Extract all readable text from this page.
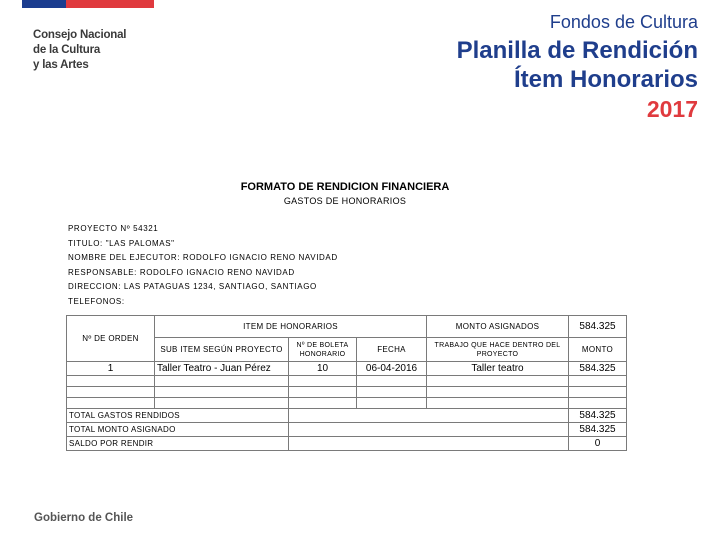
Consejo Nacional
de la Cultura
y las Artes
Fondos de Cultura
Planilla de Rendición
Ítem Honorarios
2017
FORMATO DE RENDICION FINANCIERA
GASTOS DE HONORARIOS
PROYECTO Nº 54321
TITULO: "LAS PALOMAS"
NOMBRE DEL EJECUTOR: RODOLFO IGNACIO RENO NAVIDAD
RESPONSABLE: RODOLFO IGNACIO RENO NAVIDAD
DIRECCION: LAS PATAGUAS 1234, SANTIAGO, SANTIAGO
TELEFONOS:
Nº DE ORDEN	ITEM DE HONORARIOS			MONTO ASIGNADOS	584.325
	SUB ITEM SEGÚN PROYECTO	Nº DE BOLETA HONORARIO	FECHA	TRABAJO QUE HACE DENTRO DEL PROYECTO	MONTO
1	Taller Teatro - Juan Pérez	10	06-04-2016	Taller teatro	584.325

TOTAL GASTOS RENDIDOS					584.325
TOTAL MONTO ASIGNADO					584.325
SALDO POR RENDIR					0
Gobierno de Chile
